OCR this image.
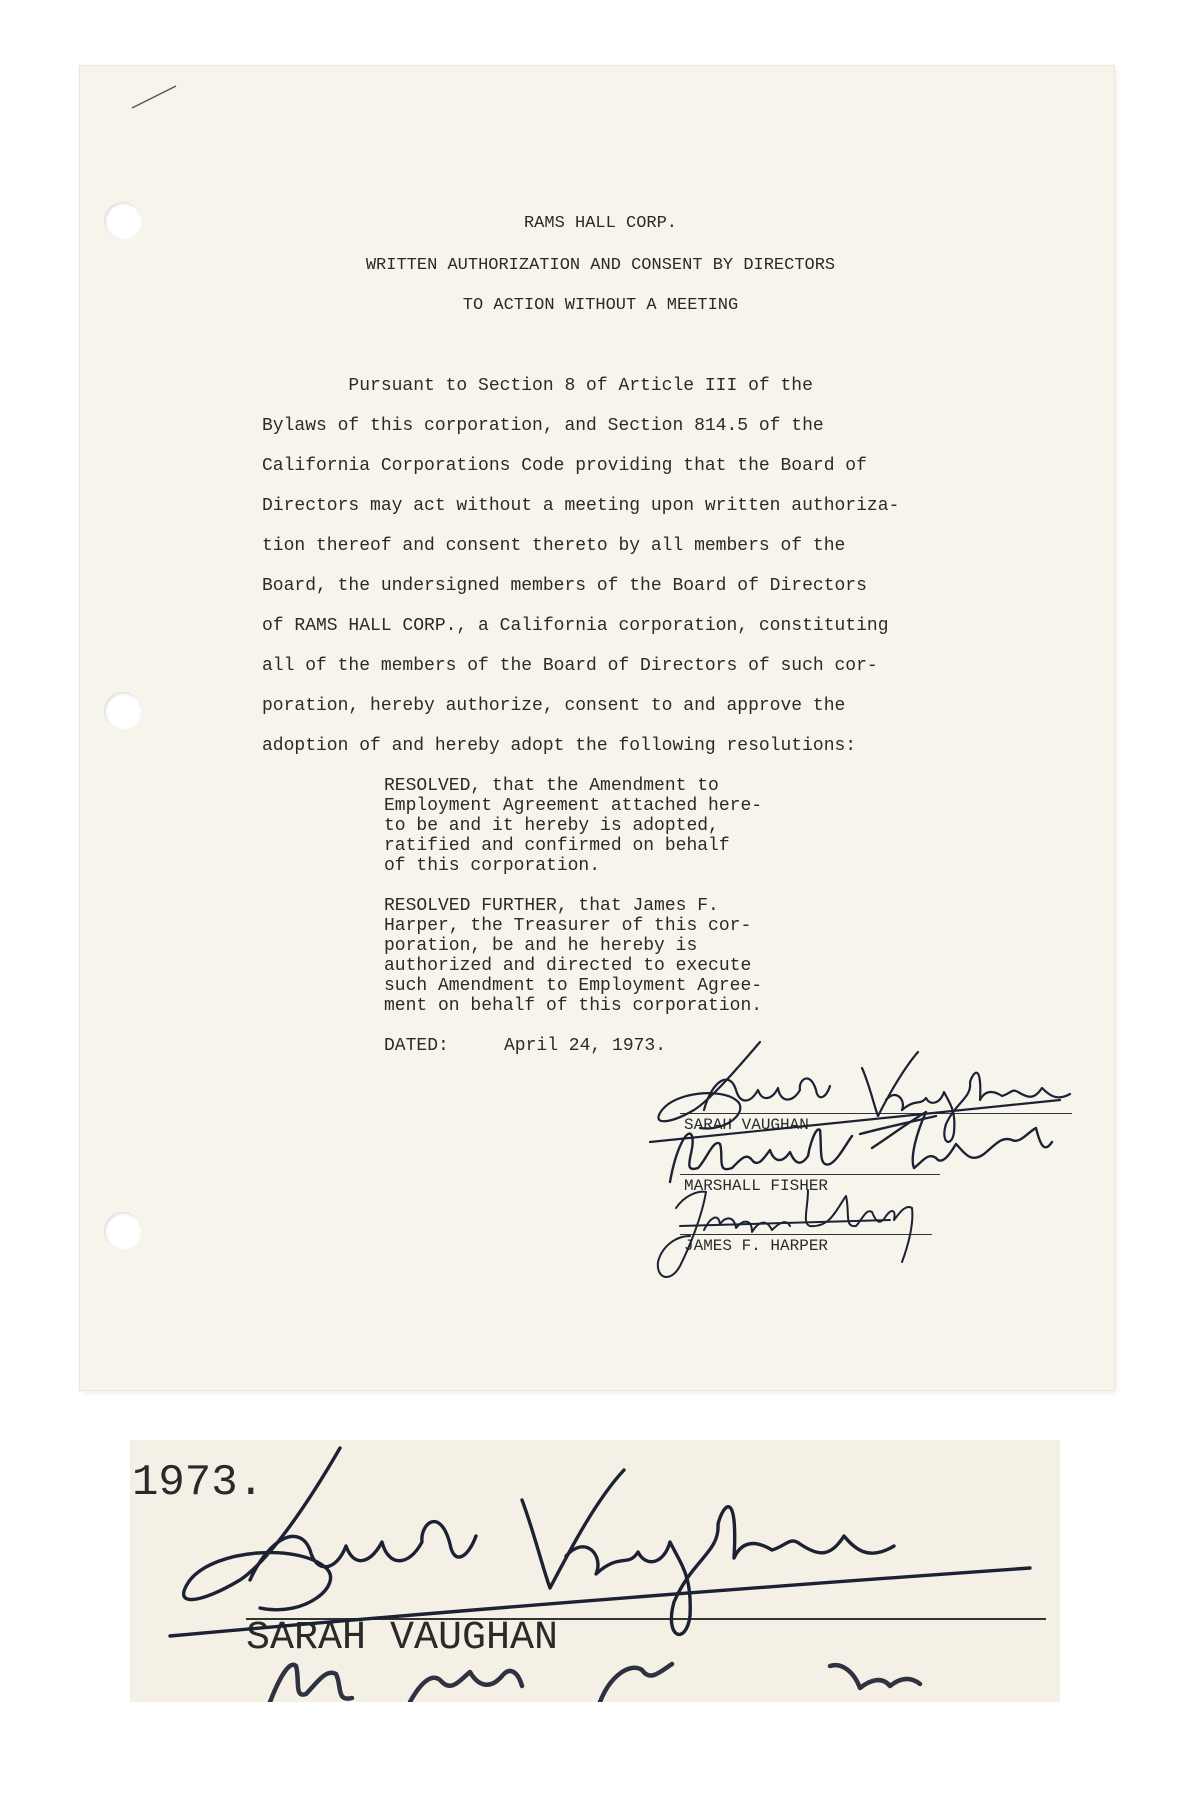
RAMS HALL CORP.
WRITTEN AUTHORIZATION AND CONSENT BY DIRECTORS
TO ACTION WITHOUT A MEETING
Pursuant to Section 8 of Article III of the
Bylaws of this corporation, and Section 814.5 of the
California Corporations Code providing that the Board of
Directors may act without a meeting upon written authoriza-
tion thereof and consent thereto by all members of the
Board, the undersigned members of the Board of Directors
of RAMS HALL CORP., a California corporation, constituting
all of the members of the Board of Directors of such cor-
poration, hereby authorize, consent to and approve the
adoption of and hereby adopt the following resolutions:
RESOLVED, that the Amendment to
Employment Agreement attached here-
to be and it hereby is adopted,
ratified and confirmed on behalf
of this corporation.
RESOLVED FURTHER, that James F.
Harper, the Treasurer of this cor-
poration, be and he hereby is
authorized and directed to execute
such Amendment to Employment Agree-
ment on behalf of this corporation.
DATED:	April 24, 1973.
SARAH VAUGHAN
MARSHALL FISHER
JAMES F. HARPER
1973.
SARAH VAUGHAN
